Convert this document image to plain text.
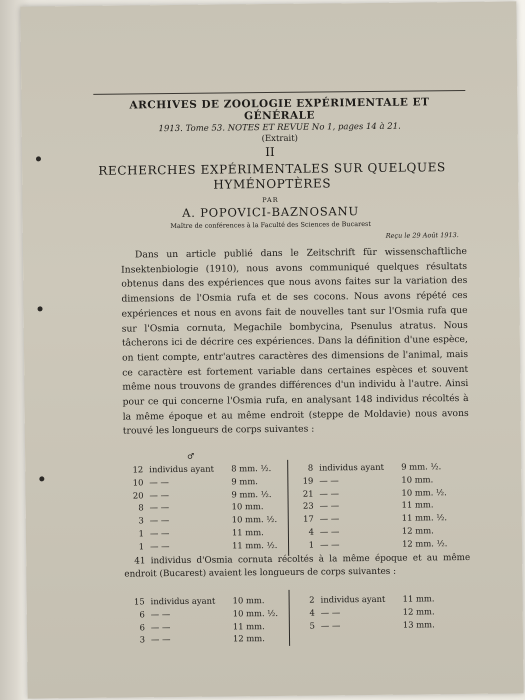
ARCHIVES DE ZOOLOGIE EXPÉRIMENTALE ET GÉNÉRALE
1913. Tome 53. NOTES ET REVUE No 1, pages 14 à 21.
(Extrait)
II
RECHERCHES EXPÉRIMENTALES SUR QUELQUES
HYMÉNOPTÈRES
PAR
A. POPOVICI-BAZNOSANU
Maître de conférences à la Faculté des Sciences de Bucarest
Reçu le 29 Août 1913.

Dans un article publié dans le Zeitschrift für wissenschaftliche Insektenbiologie (1910), nous avons communiqué quelques résultats obtenus dans des expériences que nous avons faites sur la variation des dimensions de l'Osmia rufa et de ses cocons. Nous avons répété ces expériences et nous en avons fait de nouvelles tant sur l'Osmia rufa que sur l'Osmia cornuta, Megachile bombycina, Psenulus atratus. Nous tâcherons ici de décrire ces expériences. Dans la définition d'une espèce, on tient compte, entr'autres caractères des dimensions de l'animal, mais ce caractère est fortement variable dans certaines espèces et souvent même nous trouvons de grandes différences d'un individu à l'autre. Ainsi pour ce qui concerne l'Osmia rufa, en analysant 148 individus récoltés à la même époque et au même endroit (steppe de Moldavie) nous avons trouvé les longueurs de corps suivantes :

♂
12 individus ayant	8 mm. ½.
10 — —	9 mm.
20 — —	9 mm. ½.
8 — —	10 mm.
3 — —	10 mm. ½.
1 — —	11 mm.
1 — —	11 mm. ½.
8 individus ayant	9 mm. ½.
19 — —	10 mm.
21 — —	10 mm. ½.
23 — —	11 mm.
17 — —	11 mm. ½.
4 — —	12 mm.
1 — —	12 mm. ½.
41 individus d'Osmia cornuta récoltés à la même époque et au même endroit (Bucarest) avaient les longueurs de corps suivantes :
15 individus ayant	10 mm.
6 — —	10 mm. ½.
6 — —	11 mm.
3 — —	12 mm.
2 individus ayant	11 mm.
4 — —	12 mm.
5 — —	13 mm.
